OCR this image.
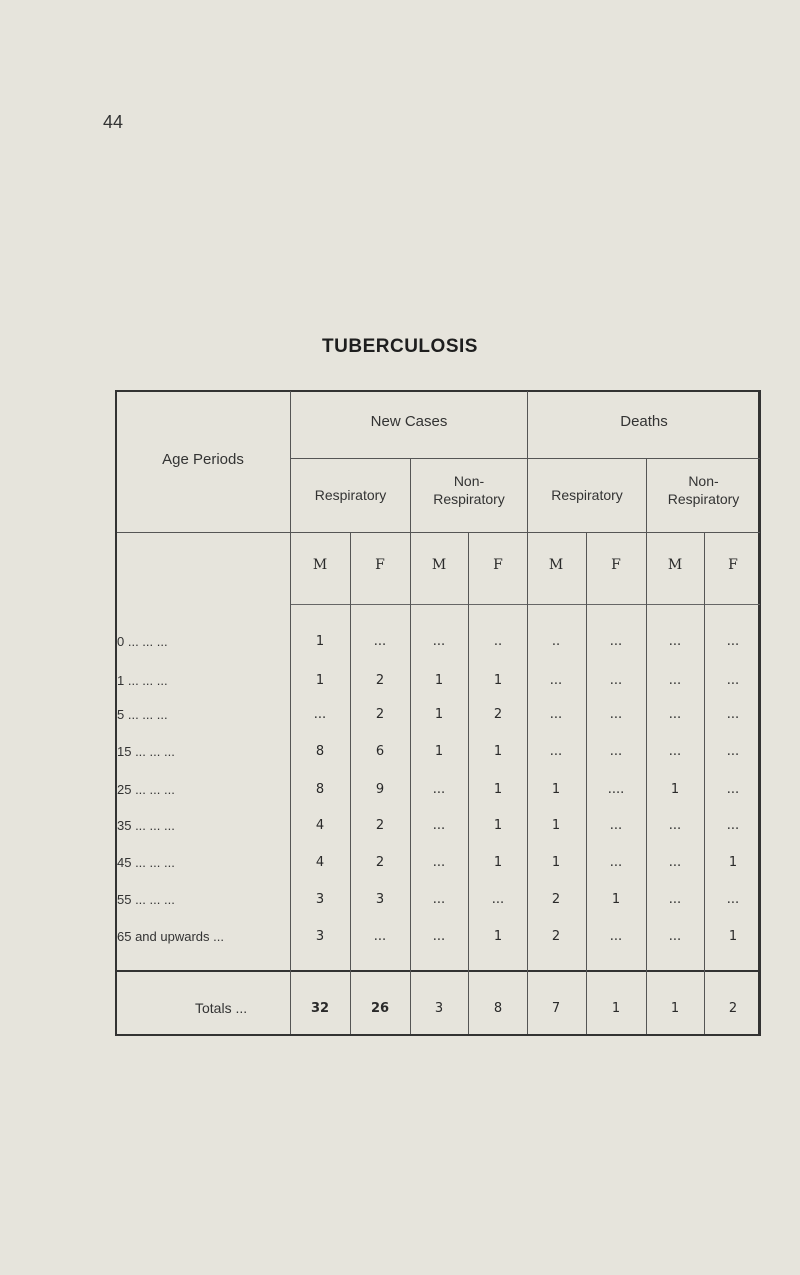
44
TUBERCULOSIS
Age Periods
New Cases	Deaths
Respiratory
Non-
Respiratory	Respiratory
Non-
Respiratory
M	F	M	F	M	F	M	F
0 ... ... ...	1	...	...	..	..	...	...	...
1 ... ... ...	1	2	1	1	...	...	...	...
5 ... ... ...	...	2	1	2	...	...	...	...
15 ... ... ...	8	6	1	1	...	...	...	...
25 ... ... ...	8	9	...	1	1	....	1	...
35 ... ... ...	4	2	...	1	1	...	...	...
45 ... ... ...	4	2	...	1	1	...	...	1
55 ... ... ...	3	3	...	...	2	1	...	...
65 and upwards ...	3	...	...	1	2	...	...	1
Totals ...	32	26	3	8	7	1	1	2
